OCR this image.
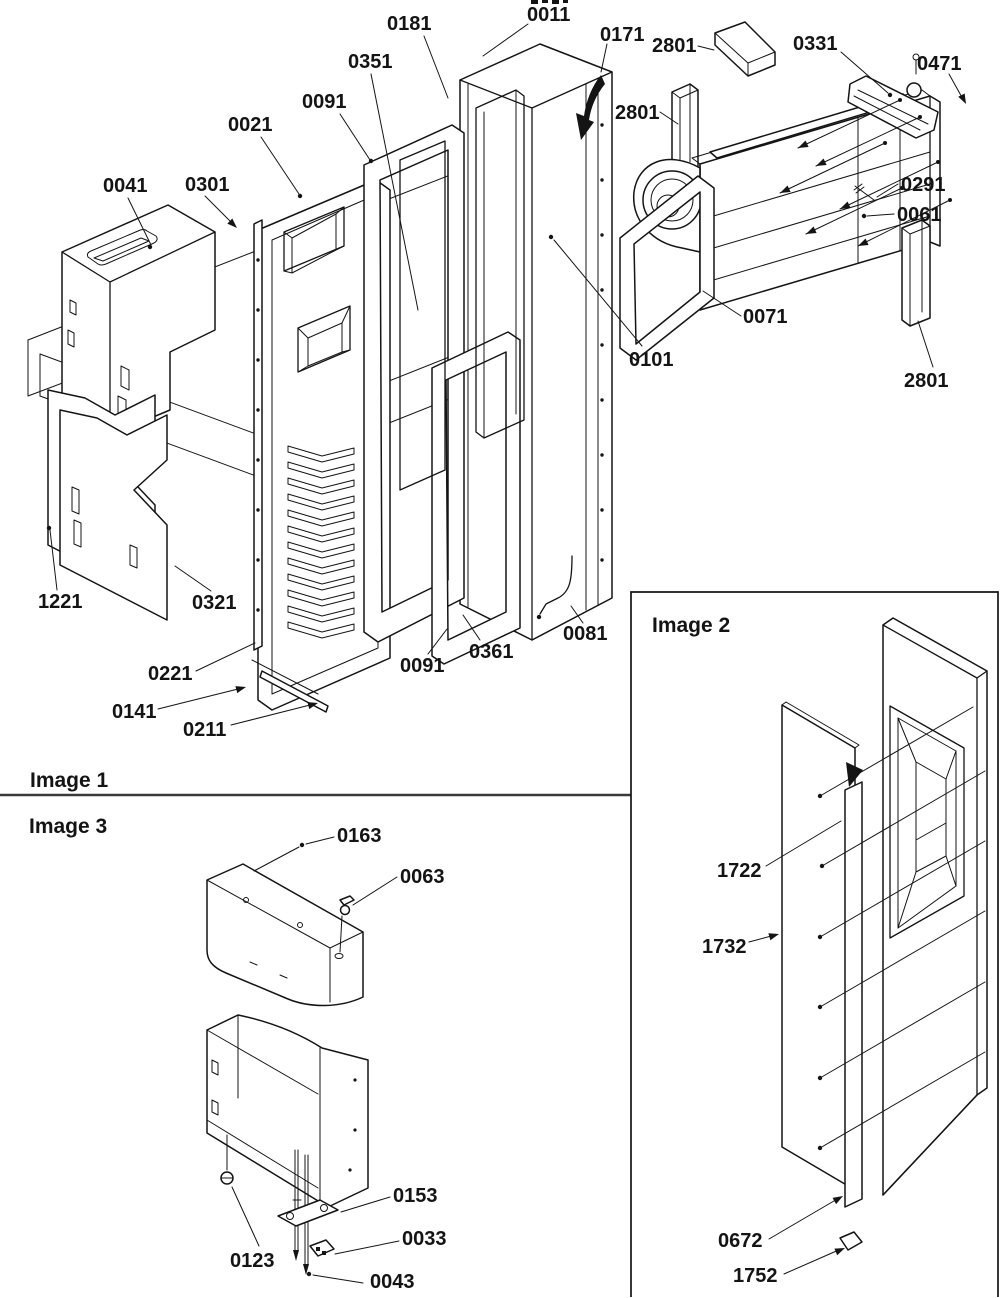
0181	0011
0171 2801	0331
0471
0351
0091
0021
0041 0301
2801
0291
0061
0071
0101
2801
1221	0321
0221
0141
0211
0091
0361
0081
Image 1
Image 2
1722
1732
0672
1752
Image 3	0163
0063
0153
0033
0123
0043
